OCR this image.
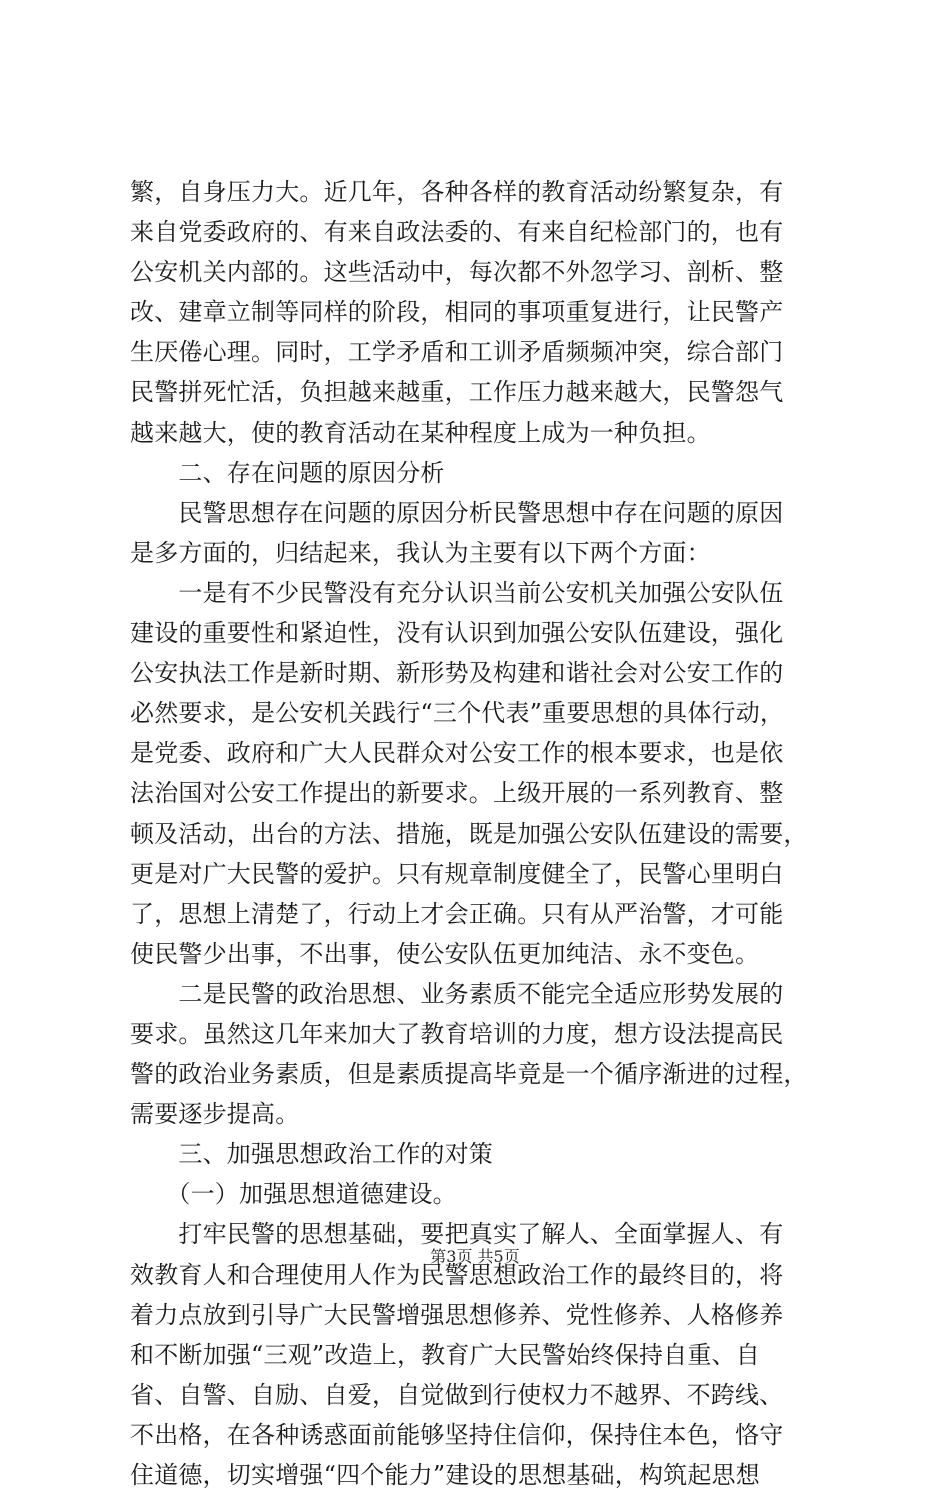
繁，自身压力大。近几年，各种各样的教育活动纷繁复杂，有
来自党委政府的、有来自政法委的、有来自纪检部门的，也有
公安机关内部的。这些活动中，每次都不外忽学习、剖析、整
改、建章立制等同样的阶段，相同的事项重复进行，让民警产
生厌倦心理。同时，工学矛盾和工训矛盾频频冲突，综合部门
民警拼死忙活，负担越来越重，工作压力越来越大，民警怨气
越来越大，使的教育活动在某种程度上成为一种负担。
　　二、存在问题的原因分析
　　民警思想存在问题的原因分析民警思想中存在问题的原因
是多方面的，归结起来，我认为主要有以下两个方面：
　　一是有不少民警没有充分认识当前公安机关加强公安队伍
建设的重要性和紧迫性，没有认识到加强公安队伍建设，强化
公安执法工作是新时期、新形势及构建和谐社会对公安工作的
必然要求，是公安机关践行“三个代表”重要思想的具体行动，
是党委、政府和广大人民群众对公安工作的根本要求，也是依
法治国对公安工作提出的新要求。上级开展的一系列教育、整
顿及活动，出台的方法、措施，既是加强公安队伍建设的需要，
更是对广大民警的爱护。只有规章制度健全了，民警心里明白
了，思想上清楚了，行动上才会正确。只有从严治警，才可能
使民警少出事，不出事，使公安队伍更加纯洁、永不变色。
　　二是民警的政治思想、业务素质不能完全适应形势发展的
要求。虽然这几年来加大了教育培训的力度，想方设法提高民
警的政治业务素质，但是素质提高毕竟是一个循序渐进的过程，
需要逐步提高。
　　三、加强思想政治工作的对策
　　（一）加强思想道德建设。
　　打牢民警的思想基础，要把真实了解人、全面掌握人、有
效教育人和合理使用人作为民警思想政治工作的最终目的，将
着力点放到引导广大民警增强思想修养、党性修养、人格修养
和不断加强“三观”改造上，教育广大民警始终保持自重、自
省、自警、自励、自爱，自觉做到行使权力不越界、不跨线、
不出格，在各种诱惑面前能够坚持住信仰，保持住本色，恪守
住道德，切实增强“四个能力”建设的思想基础，构筑起思想
第3页 共5页
